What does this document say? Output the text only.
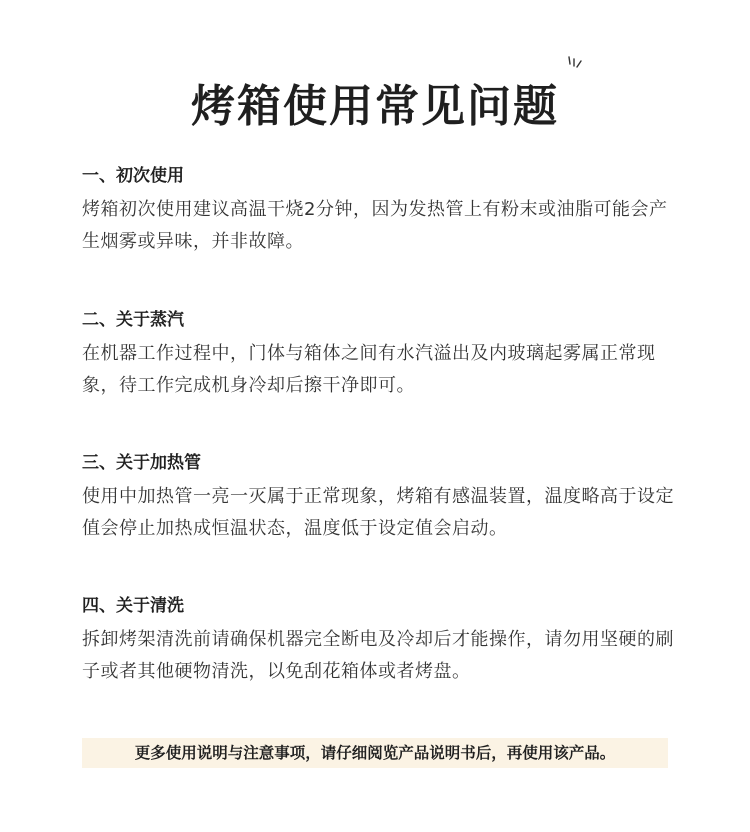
烤箱使用常见问题

一、初次使用

烤箱初次使用建议高温干烧2分钟，因为发热管上有粉末或油脂可能会产生烟雾或异味，并非故障。

二、关于蒸汽

在机器工作过程中，门体与箱体之间有水汽溢出及内玻璃起雾属正常现象，待工作完成机身冷却后擦干净即可。

三、关于加热管

使用中加热管一亮一灭属于正常现象，烤箱有感温装置，温度略高于设定值会停止加热成恒温状态，温度低于设定值会启动。

四、关于清洗

拆卸烤架清洗前请确保机器完全断电及冷却后才能操作，请勿用坚硬的刷子或者其他硬物清洗，以免刮花箱体或者烤盘。

更多使用说明与注意事项，请仔细阅览产品说明书后，再使用该产品。
